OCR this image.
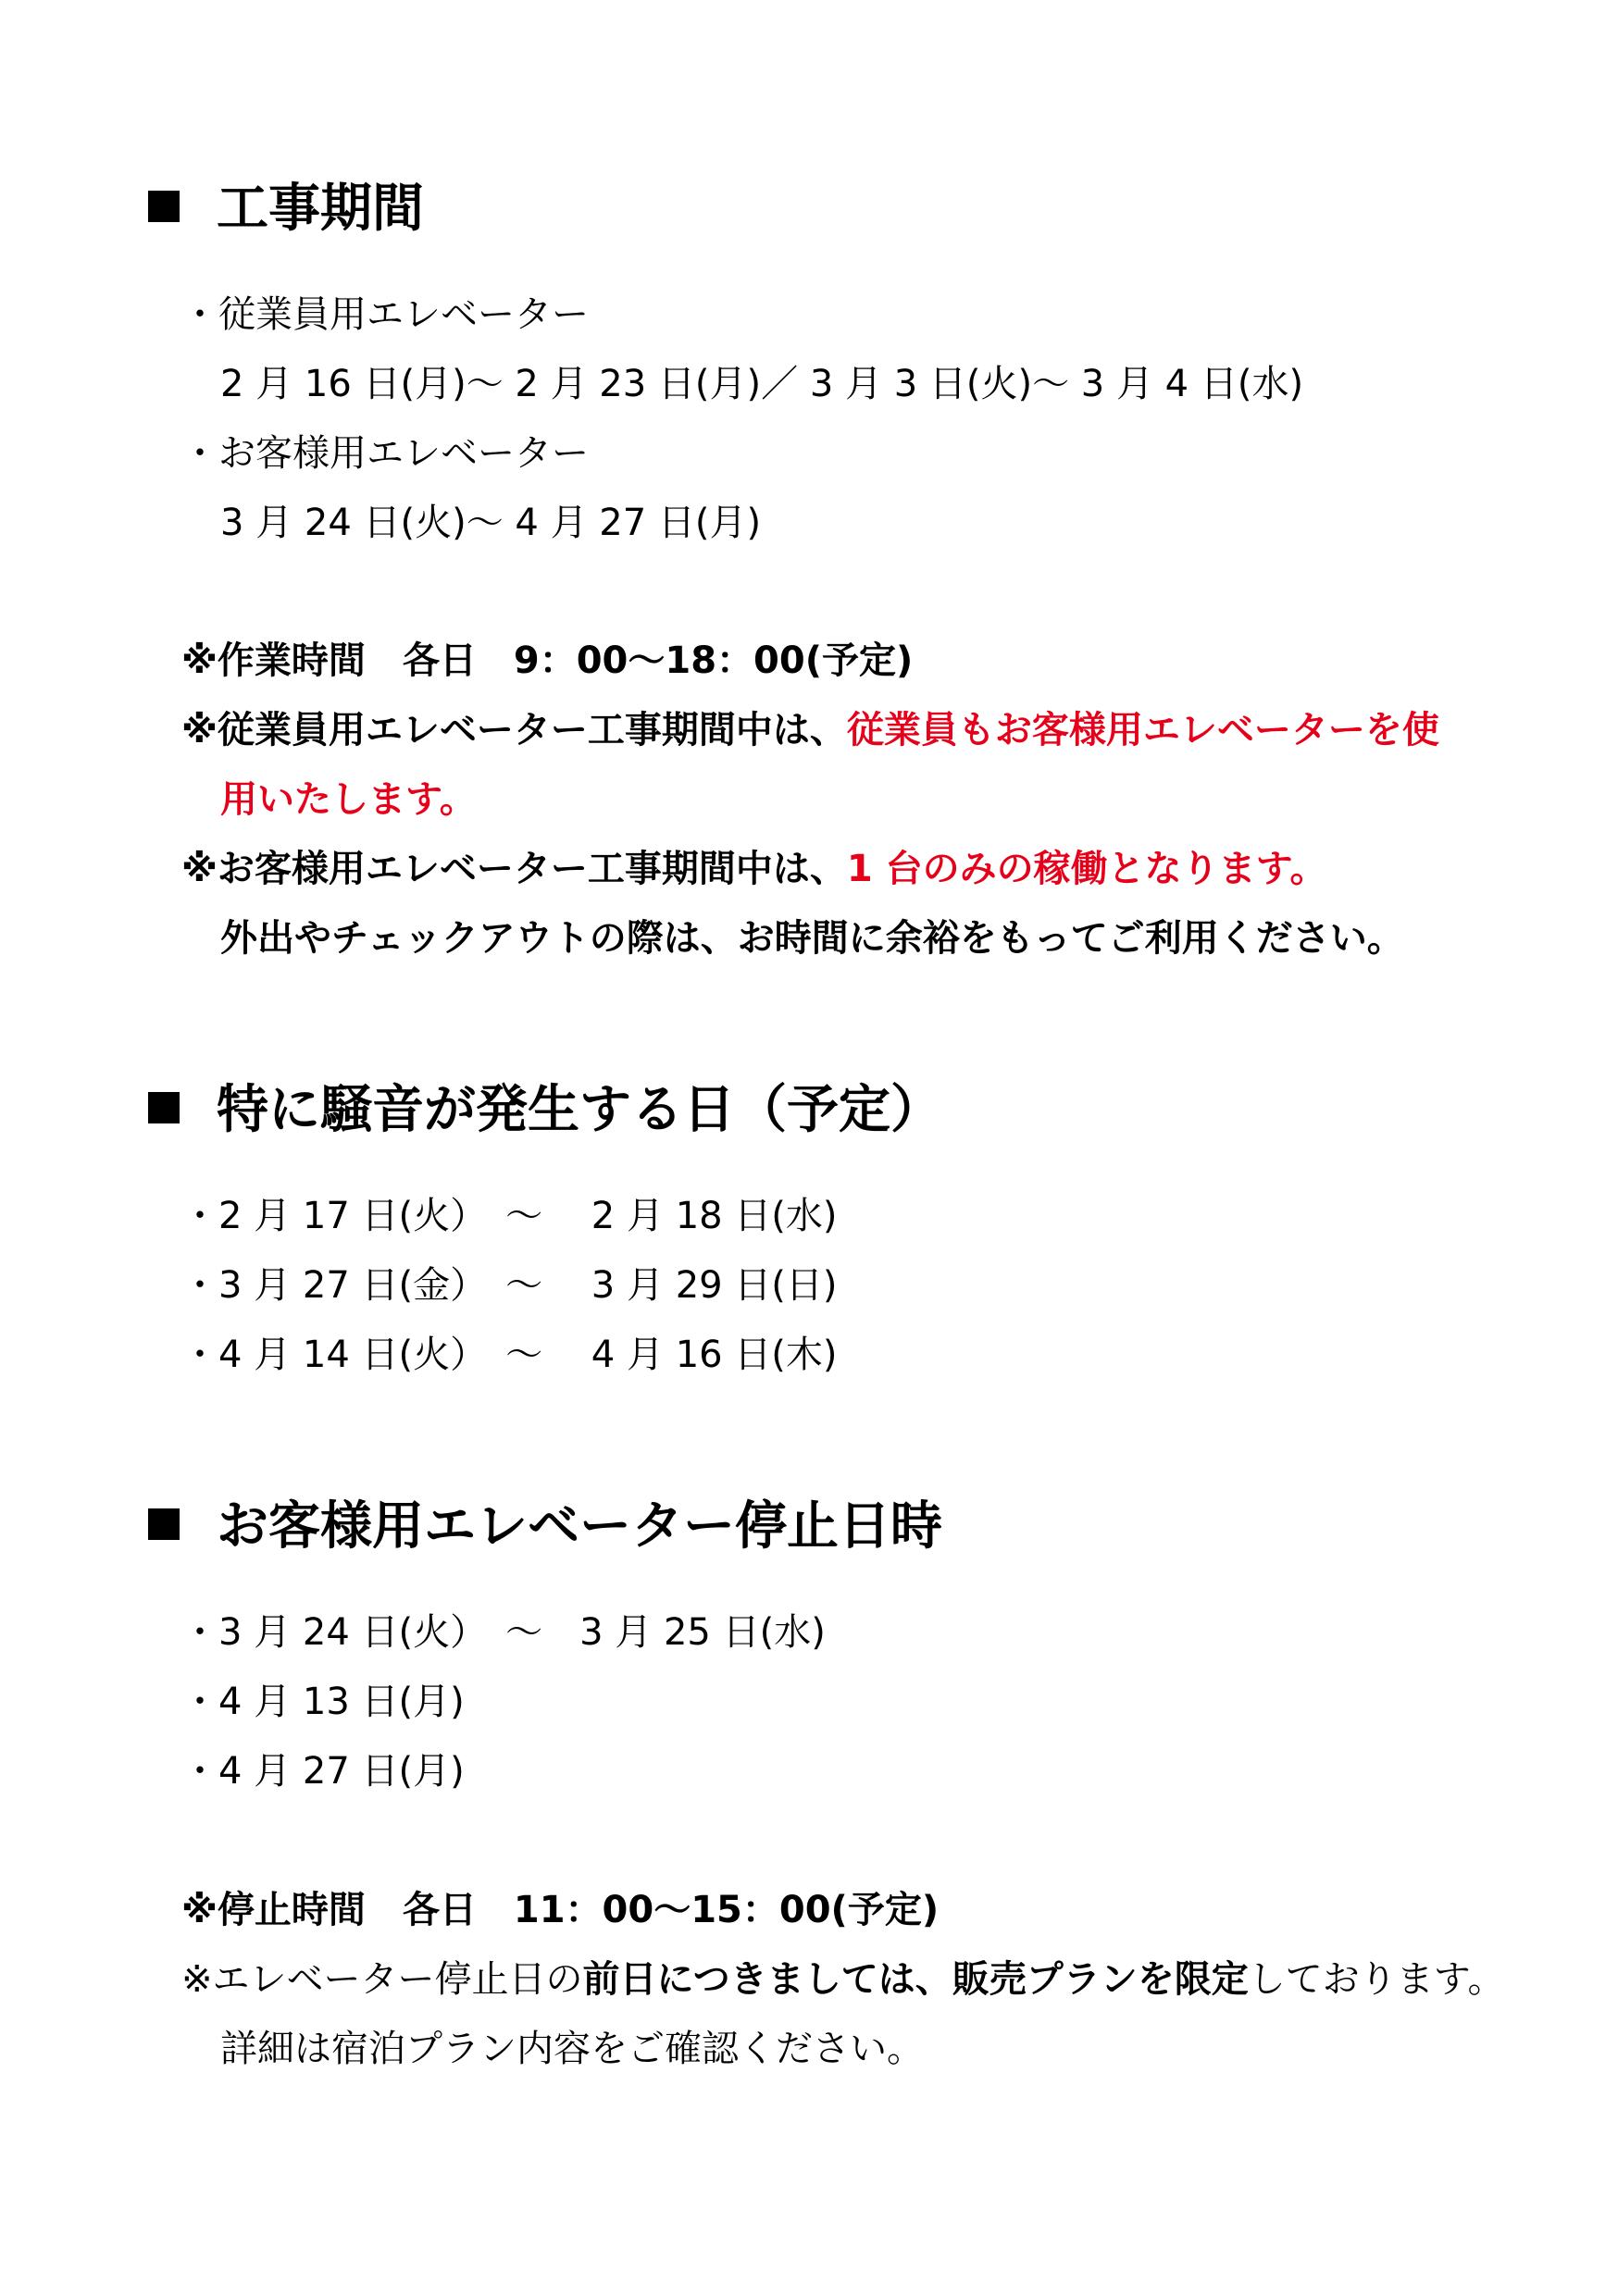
工事期間
・従業員用エレベーター
2 月 16 日(月)～ 2 月 23 日(月)／ 3 月 3 日(火)～ 3 月 4 日(水)
・お客様用エレベーター
3 月 24 日(火)～ 4 月 27 日(月)
※作業時間　各日　9：00～18：00(予定)
※従業員用エレベーター工事期間中は、従業員もお客様用エレベーターを使
用いたします。
※お客様用エレベーター工事期間中は、1 台のみの稼働となります。
外出やチェックアウトの際は、お時間に余裕をもってご利用ください。
特に騒音が発生する日（予定）
・2 月 17 日(火）　～　 2 月 18 日(水)
・3 月 27 日(金）　～　 3 月 29 日(日)
・4 月 14 日(火）　～　 4 月 16 日(木)
お客様用エレベーター停止日時
・3 月 24 日(火）　～　3 月 25 日(水)
・4 月 13 日(月)
・4 月 27 日(月)
※停止時間　各日　11：00～15：00(予定)
※エレベーター停止日の前日につきましては、販売プランを限定しております。
詳細は宿泊プラン内容をご確認ください。
